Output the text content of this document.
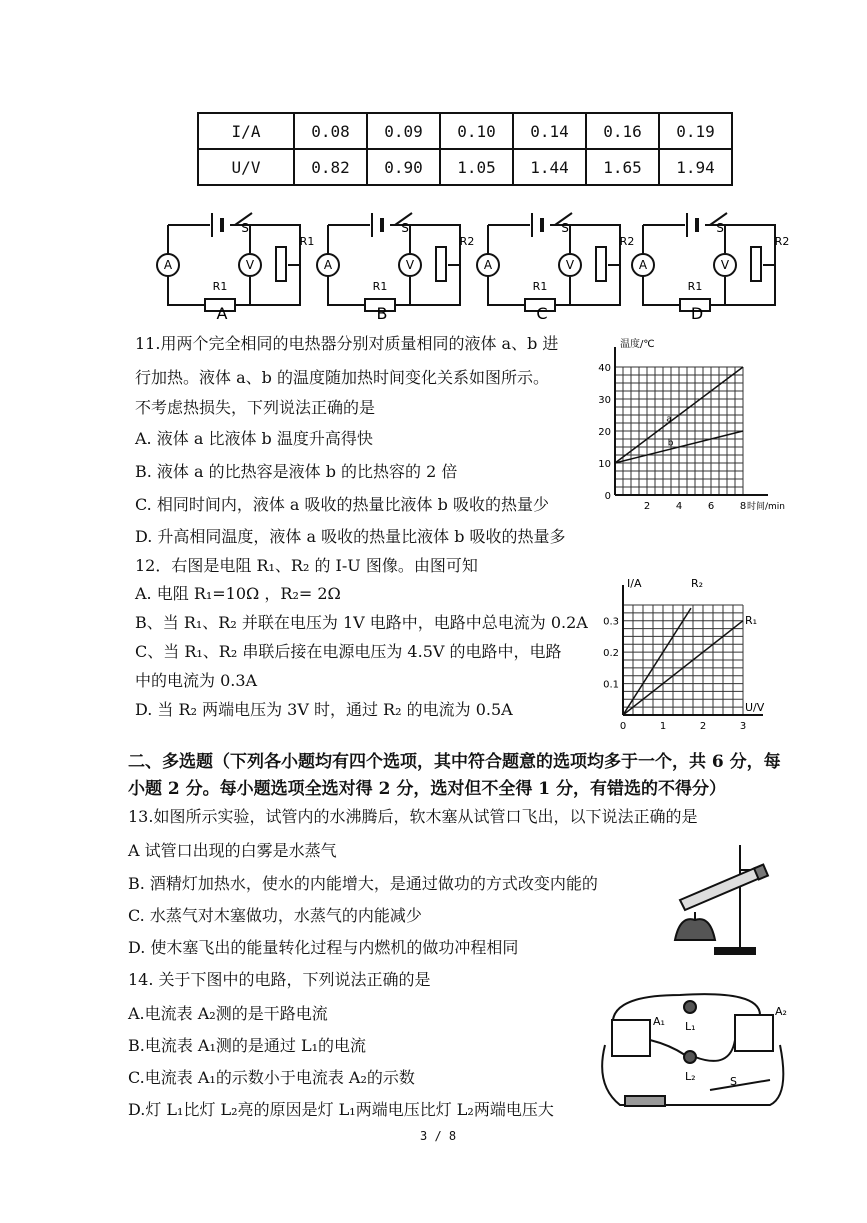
I/A	0.08	0.09	0.10	0.14	0.16	0.19
U/V	0.82	0.90	1.05	1.44	1.65	1.94
A	V
S
R1
R1
A
A	V
S
R1
R2
B
A	V
S
R1
R2
C
A	V
S
R1
R2
D
11.用两个完全相同的电热器分别对质量相同的液体 a、b 进
行加热。液体 a、b 的温度随加热时间变化关系如图所示。
不考虑热损失，下列说法正确的是
A. 液体 a 比液体 b 温度升高得快
B. 液体 a 的比热容是液体 b 的比热容的 2 倍
C. 相同时间内，液体 a 吸收的热量比液体 b 吸收的热量少
D. 升高相同温度，液体 a 吸收的热量比液体 b 吸收的热量多
0
10
20
30
40
2	4	6	8
温度/℃
时间/min
a
b
12．右图是电阻 R₁、R₂ 的 I-U 图像。由图可知
A. 电阻 R₁=10Ω ，R₂= 2Ω
B、当 R₁、R₂ 并联在电压为 1V 电路中，电路中总电流为 0.2A
C、当 R₁、R₂ 串联后接在电源电压为 4.5V 的电路中，电路
中的电流为 0.3A
D. 当 R₂ 两端电压为 3V 时，通过 R₂ 的电流为 0.5A
0.1
0.2
0.3
0	1	2	3
I/A
U/V
R₂
R₁
二、多选题（下列各小题均有四个选项，其中符合题意的选项均多于一个，共 6 分，每
小题 2 分。每小题选项全选对得 2 分，选对但不全得 1 分，有错选的不得分）
13.如图所示实验，试管内的水沸腾后，软木塞从试管口飞出，以下说法正确的是
A 试管口出现的白雾是水蒸气
B. 酒精灯加热水，使水的内能增大，是通过做功的方式改变内能的
C. 水蒸气对木塞做功，水蒸气的内能减少
D. 使木塞飞出的能量转化过程与内燃机的做功冲程相同
14. 关于下图中的电路，下列说法正确的是
A.电流表 A₂测的是干路电流
B.电流表 A₁测的是通过 L₁的电流
C.电流表 A₁的示数小于电流表 A₂的示数
D.灯 L₁比灯 L₂亮的原因是灯 L₁两端电压比灯 L₂两端电压大
A₁
A₂
L₁
L₂	S
3 / 8
